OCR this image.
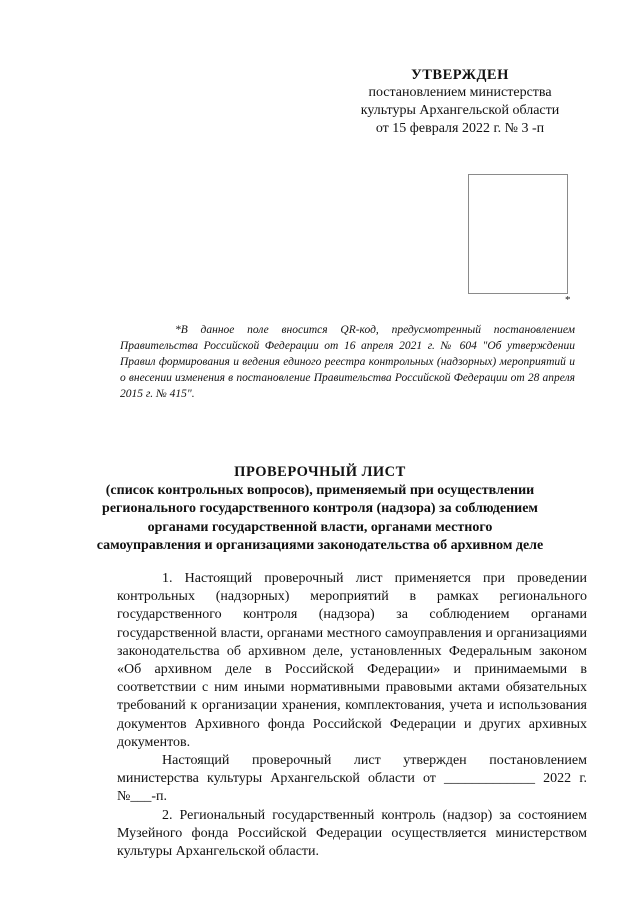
УТВЕРЖДЕН
постановлением министерства
культуры Архангельской области
от 15 февраля 2022 г. № 3 -п
*
*В данное поле вносится QR-код, предусмотренный постановлением Правительства Российской Федерации от 16 апреля 2021 г. № 604 "Об утверждении Правил формирования и ведения единого реестра контрольных (надзорных) мероприятий и о внесении изменения в постановление Правительства Российской Федерации от 28 апреля 2015 г. № 415".
ПРОВЕРОЧНЫЙ ЛИСТ
(список контрольных вопросов), применяемый при осуществлении регионального государственного контроля (надзора) за соблюдением органами государственной власти, органами местного самоуправления и организациями законодательства об архивном деле

1. Настоящий проверочный лист применяется при проведении контрольных (надзорных) мероприятий в рамках регионального государственного контроля (надзора) за соблюдением органами государственной власти, органами местного самоуправления и организациями законодательства об архивном деле, установленных Федеральным законом «Об архивном деле в Российской Федерации» и принимаемыми в соответствии с ним иными нормативными правовыми актами обязательных требований к организации хранения, комплектования, учета и использования документов Архивного фонда Российской Федерации и других архивных документов.

Настоящий проверочный лист утвержден постановлением министерства культуры Архангельской области от _____________ 2022 г. №___-п.

2. Региональный государственный контроль (надзор) за состоянием Музейного фонда Российской Федерации осуществляется министерством культуры Архангельской области.
